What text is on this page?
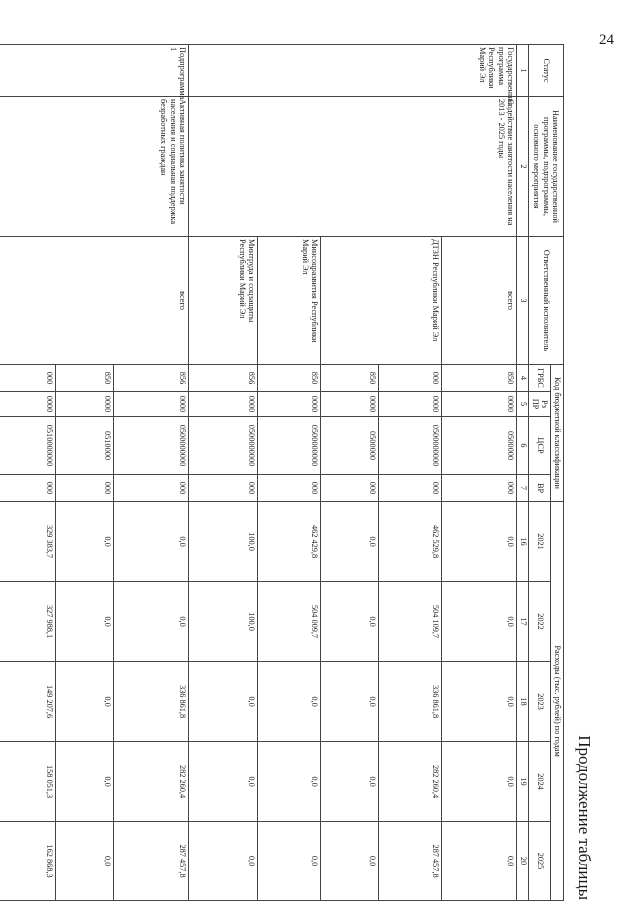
24
Продолжение таблицы
Статус	Наименование государственной программы, подпрограммы, основного мероприятия	Ответственный исполнитель	Код бюджетной классификации				Расходы (тыс. рублей) по годам				
			ГРБС	Рз ПР	ЦСР	ВР	2021	2022	2023	2024	2025

1	2	3	4	5	6	7	16	17	18	19	20
Государственная программа Республики Марий Эл	Содействие занятости населения на 2013 - 2025 годы	всего	850	0000	0500000	000	0,0	0,0	0,0	0,0	0,0
		ДТЗН Республики Марий Эл	000	0000	0500000000	000	462 529,8	504 109,7	336 861,8	282 260,4	287 457,8
			850	0000	0500000	000	0,0	0,0	0,0	0,0	0,0
		Минсоцразвития Республики Марий Эл	850	0000	0500000000	000	462 429,8	504 009,7	0,0	0,0	0,0
		Минтруда и соцзащиты Республики Марий Эл	856	0000	0500000000	000	100,0	100,0	0,0	0,0	0,0
Подпрограмма 1	Активная политика занятости населения и социальная поддержка безработных граждан	всего	856	0000	0500000000	000	0,0	0,0	336 861,8	282 260,4	287 457,8
			850	0000	0510000	000	0,0	0,0	0,0	0,0	0,0
			000	0000	0510000000	000	329 383,7	327 988,1	149 207,6	158 051,3	162 868,3
